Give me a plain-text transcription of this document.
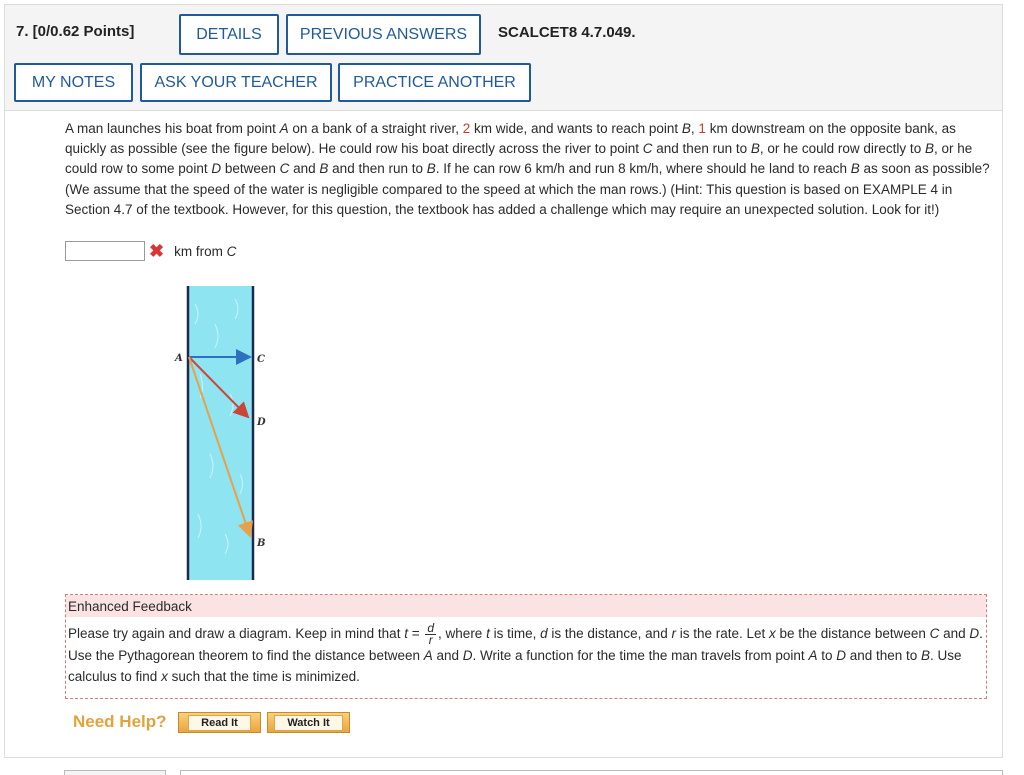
7. [0/0.62 Points]	DETAILS	PREVIOUS ANSWERS	SCALCET8 4.7.049.
MY NOTES	ASK YOUR TEACHER	PRACTICE ANOTHER
A man launches his boat from point A on a bank of a straight river, 2 km wide, and wants to reach point B, 1 km downstream on the opposite bank, as quickly as possible (see the figure below). He could row his boat directly across the river to point C and then run to B, or he could row directly to B, or he could row to some point D between C and B and then run to B. If he can row 6 km/h and run 8 km/h, where should he land to reach B as soon as possible? (We assume that the speed of the water is negligible compared to the speed at which the man rows.) (Hint: This question is based on EXAMPLE 4 in Section 4.7 of the textbook. However, for this question, the textbook has added a challenge which may require an unexpected solution. Look for it!)
✖ km from C
A	C
D
B
Enhanced Feedback
Please try again and draw a diagram. Keep in mind that $t = \frac{d}{r}$ , where t is time, d is the distance, and r is the rate. Let x be the distance between C and D. Use the Pythagorean theorem to find the distance between A and D. Write a function for the time the man travels from point A to D and then to B. Use calculus to find x such that the time is minimized.
Need Help?	Read It	Watch It
